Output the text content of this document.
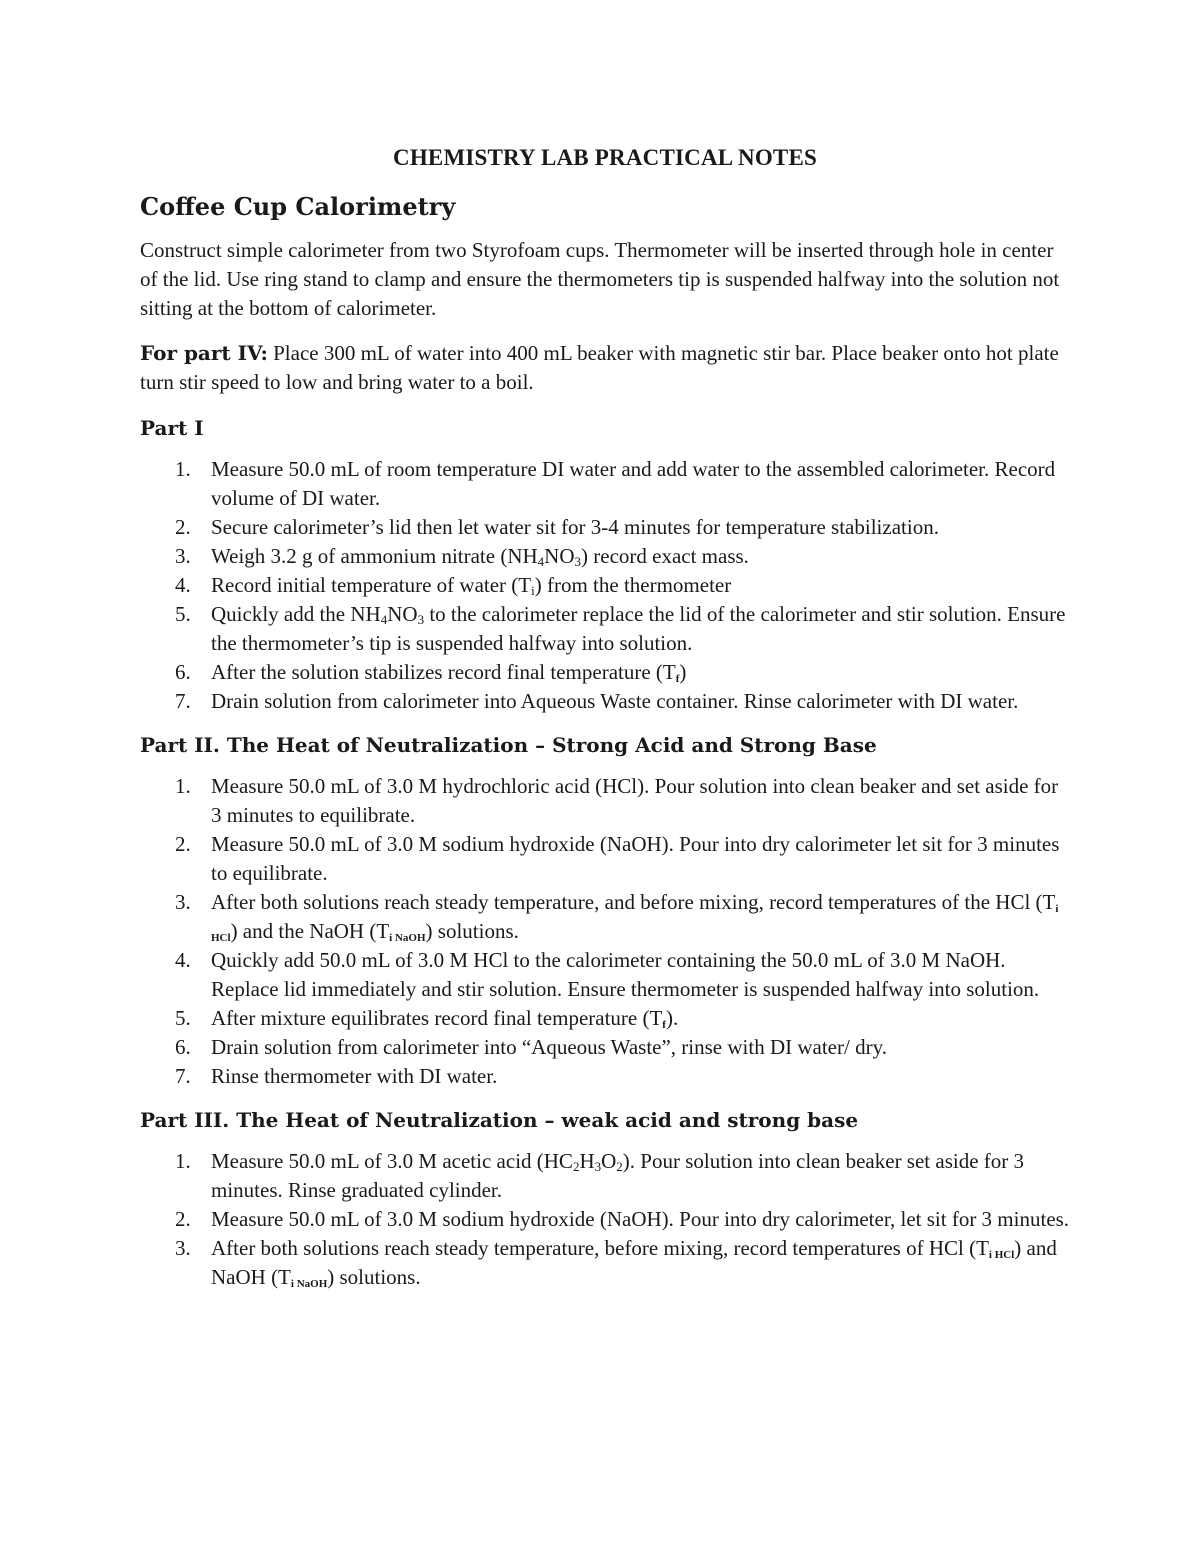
CHEMISTRY LAB PRACTICAL NOTES
Coffee Cup Calorimetry

Construct simple calorimeter from two Styrofoam cups. Thermometer will be inserted through hole in center of the lid. Use ring stand to clamp and ensure the thermometers tip is suspended halfway into the solution not sitting at the bottom of calorimeter.

For part IV: Place 300 mL of water into 400 mL beaker with magnetic stir bar. Place beaker onto hot plate turn stir speed to low and bring water to a boil.

Part I
1. Measure 50.0 mL of room temperature DI water and add water to the assembled calorimeter. Record volume of DI water.
2. Secure calorimeter’s lid then let water sit for 3-4 minutes for temperature stabilization.
3. Weigh 3.2 g of ammonium nitrate $(NH_4NO_3)$ record exact mass.
4. Record initial temperature of water $(T_i)$ from the thermometer
5. Quickly add the $NH_4NO_3$ to the calorimeter replace the lid of the calorimeter and stir solution. Ensure the thermometer’s tip is suspended halfway into solution.
6. After the solution stabilizes record final temperature $(T_f)$
7. Drain solution from calorimeter into Aqueous Waste container. Rinse calorimeter with DI water.
Part II. The Heat of Neutralization – Strong Acid and Strong Base
1. Measure 50.0 mL of 3.0 M hydrochloric acid (HCl). Pour solution into clean beaker and set aside for 3 minutes to equilibrate.
2. Measure 50.0 mL of 3.0 M sodium hydroxide (NaOH). Pour into dry calorimeter let sit for 3 minutes to equilibrate.
3. After both solutions reach steady temperature, and before mixing, record temperatures of the HCl $(T_{i HCl})$ and the NaOH $(T_{i NaOH})$ solutions.
4. Quickly add 50.0 mL of 3.0 M HCl to the calorimeter containing the 50.0 mL of 3.0 M NaOH. Replace lid immediately and stir solution. Ensure thermometer is suspended halfway into solution.
5. After mixture equilibrates record final temperature $(T_f)$.
6. Drain solution from calorimeter into “Aqueous Waste”, rinse with DI water/ dry.
7. Rinse thermometer with DI water.
Part III. The Heat of Neutralization – weak acid and strong base
1. Measure 50.0 mL of 3.0 M acetic acid $(HC_2H_3O_2)$. Pour solution into clean beaker set aside for 3 minutes. Rinse graduated cylinder.
2. Measure 50.0 mL of 3.0 M sodium hydroxide (NaOH). Pour into dry calorimeter, let sit for 3 minutes.
3. After both solutions reach steady temperature, before mixing, record temperatures of HCl $(T_{i HCl})$ and NaOH $(T_{i NaOH})$ solutions.
